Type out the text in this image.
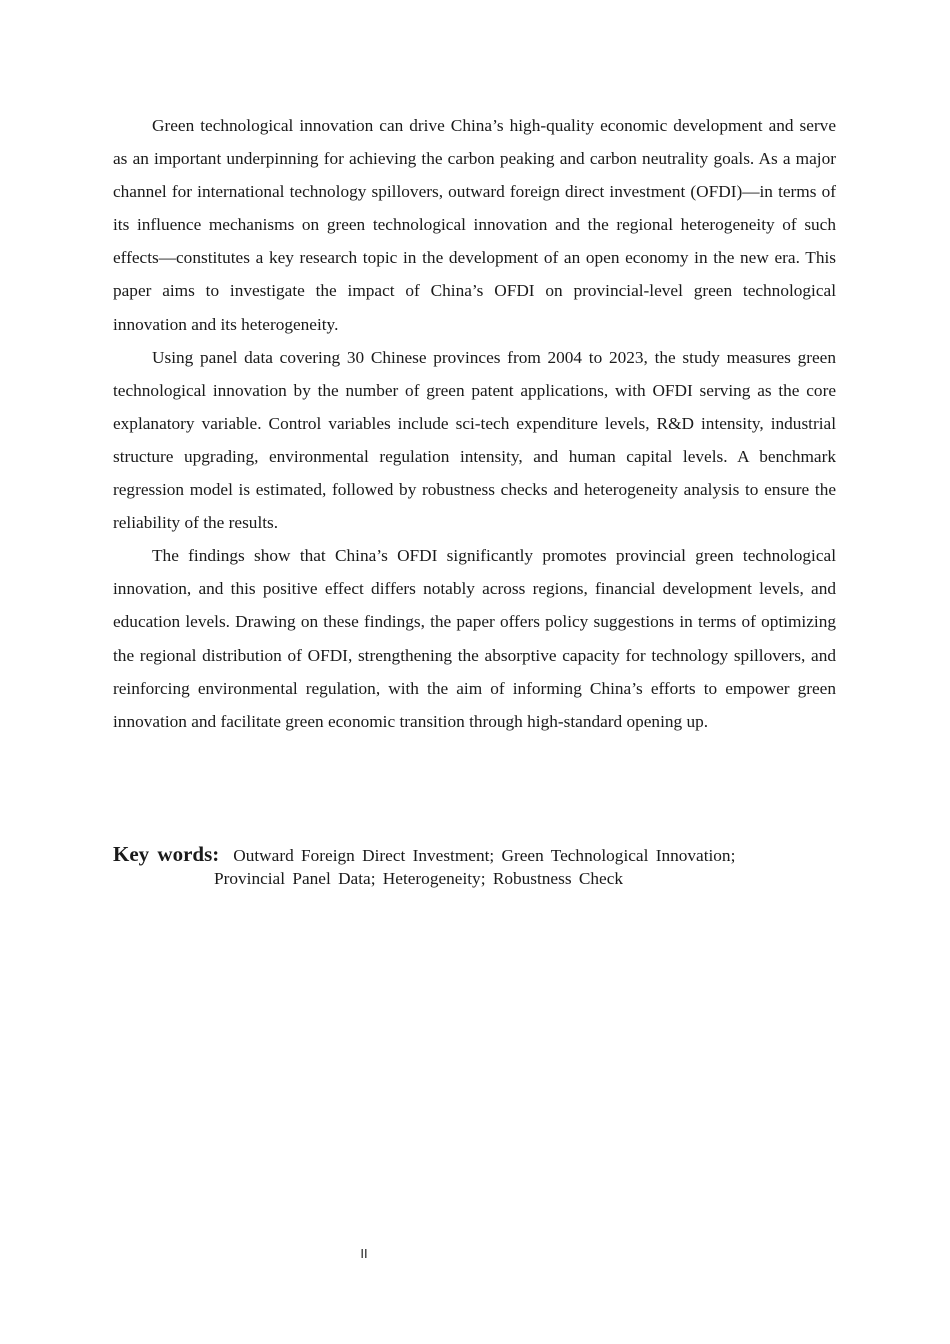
Green technological innovation can drive China’s high-quality economic development and serve as an important underpinning for achieving the carbon peaking and carbon neutrality goals. As a major channel for international technology spillovers, outward foreign direct investment (OFDI)—in terms of its influence mechanisms on green technological innovation and the regional heterogeneity of such effects—constitutes a key research topic in the development of an open economy in the new era. This paper aims to investigate the impact of China’s OFDI on provincial-level green technological innovation and its heterogeneity.

Using panel data covering 30 Chinese provinces from 2004 to 2023, the study measures green technological innovation by the number of green patent applications, with OFDI serving as the core explanatory variable. Control variables include sci-tech expenditure levels, R&D intensity, industrial structure upgrading, environmental regulation intensity, and human capital levels. A benchmark regression model is estimated, followed by robustness checks and heterogeneity analysis to ensure the reliability of the results.

The findings show that China’s OFDI significantly promotes provincial green technological innovation, and this positive effect differs notably across regions, financial development levels, and education levels. Drawing on these findings, the paper offers policy suggestions in terms of optimizing the regional distribution of OFDI, strengthening the absorptive capacity for technology spillovers, and reinforcing environmental regulation, with the aim of informing China’s efforts to empower green innovation and facilitate green economic transition through high-standard opening up.

Key words: Outward Foreign Direct Investment; Green Technological Innovation;
Provincial Panel Data; Heterogeneity; Robustness Check
II
